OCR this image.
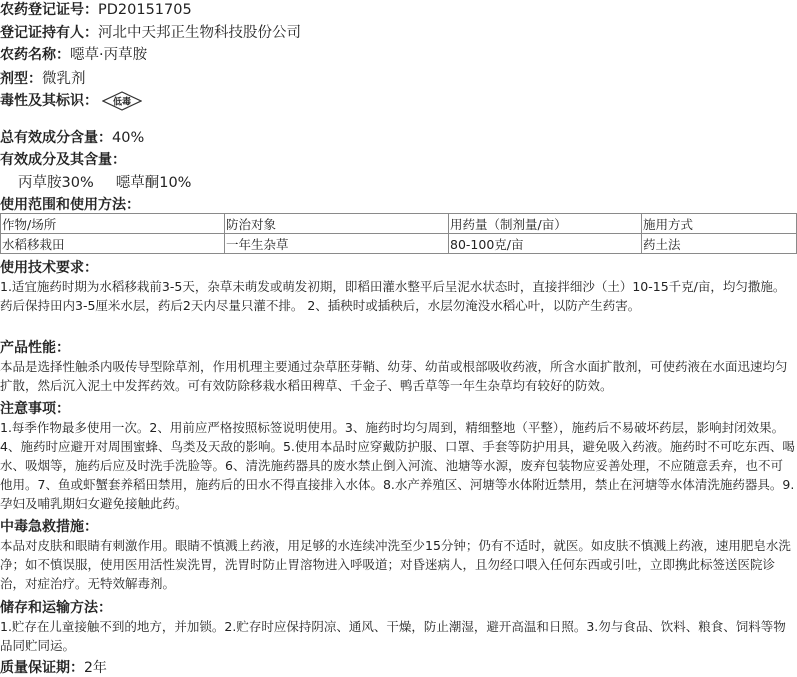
农药登记证号：PD20151705
登记证持有人：河北中天邦正生物科技股份公司
农药名称：噁草·丙草胺
剂型：微乳剂
毒性及其标识： 低毒
总有效成分含量：40%
有效成分及其含量：
丙草胺30% 噁草酮10%
使用范围和使用方法：
作物/场所	防治对象	用药量（制剂量/亩）	施用方式
水稻移栽田	一年生杂草	80-100克/亩	药土法
使用技术要求：
1.适宜施药时期为水稻移栽前3-5天，杂草未萌发或萌发初期，即稻田灌水整平后呈泥水状态时，直接拌细沙（土）10-15千克/亩，均匀撒施。药后保持田内3-5厘米水层，药后2天内尽量只灌不排。 2、插秧时或插秧后，水层勿淹没水稻心叶，以防产生药害。
产品性能：
本品是选择性触杀内吸传导型除草剂，作用机理主要通过杂草胚芽鞘、幼芽、幼苗或根部吸收药液，所含水面扩散剂，可使药液在水面迅速均匀扩散，然后沉入泥土中发挥药效。可有效防除移栽水稻田稗草、千金子、鸭舌草等一年生杂草均有较好的防效。
注意事项：
1.每季作物最多使用一次。2、用前应严格按照标签说明使用。3、施药时均匀周到，精细整地（平整），施药后不易破坏药层，影响封闭效果。4、施药时应避开对周围蜜蜂、鸟类及天敌的影响。5.使用本品时应穿戴防护服、口罩、手套等防护用具，避免吸入药液。施药时不可吃东西、喝水、吸烟等，施药后应及时洗手洗脸等。6、清洗施药器具的废水禁止倒入河流、池塘等水源，废弃包装物应妥善处理，不应随意丢弃，也不可他用。7、鱼或虾蟹套养稻田禁用，施药后的田水不得直接排入水体。8.水产养殖区、河塘等水体附近禁用，禁止在河塘等水体清洗施药器具。9.孕妇及哺乳期妇女避免接触此药。
中毒急救措施：
本品对皮肤和眼睛有刺激作用。眼睛不慎溅上药液，用足够的水连续冲洗至少15分钟；仍有不适时，就医。如皮肤不慎溅上药液，速用肥皂水洗净；如不慎误服，使用医用活性炭洗胃，洗胃时防止胃溶物进入呼吸道；对昏迷病人，且勿经口喂入任何东西或引吐，立即携此标签送医院诊治，对症治疗。无特效解毒剂。
储存和运输方法：
1.贮存在儿童接触不到的地方，并加锁。2.贮存时应保持阴凉、通风、干燥，防止潮湿，避开高温和日照。3.勿与食品、饮料、粮食、饲料等物品同贮同运。
质量保证期：2年
